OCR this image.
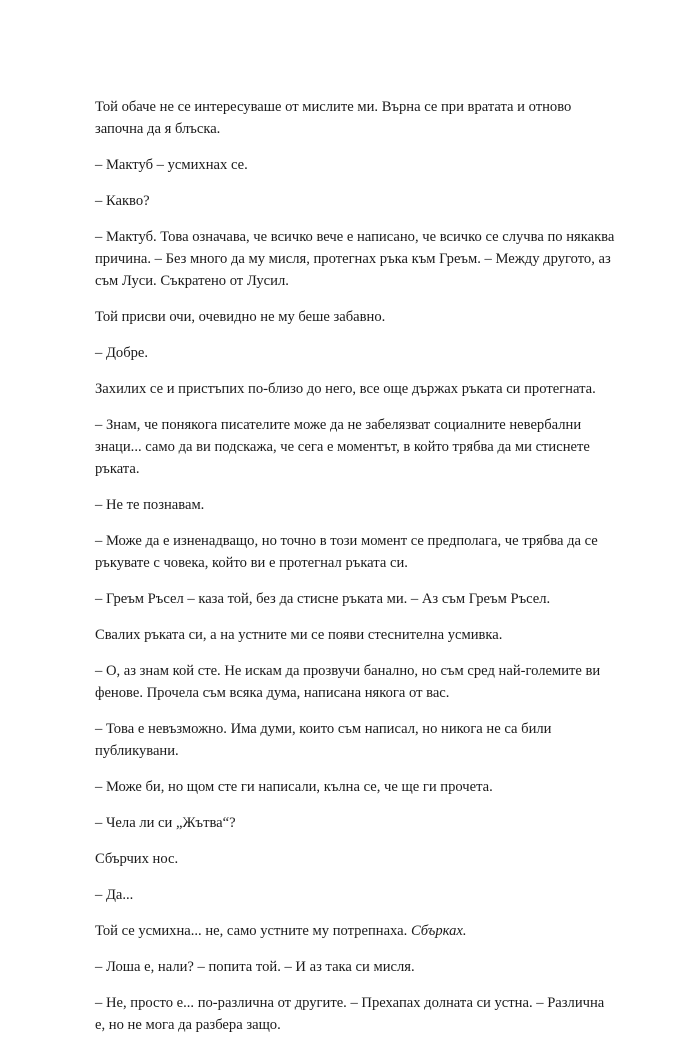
Той обаче не се интересуваше от мислите ми. Върна се при вратата и отново започна да я блъска.

– Мактуб – усмихнах се.

– Какво?

– Мактуб. Това означава, че всичко вече е написано, че всичко се случва по някаква причина. – Без много да му мисля, протегнах ръка към Греъм. – Между другото, аз съм Луси. Съкратено от Лусил.

Той присви очи, очевидно не му беше забавно.

– Добре.

Захилих се и пристъпих по-близо до него, все още държах ръката си протегната.

– Знам, че понякога писателите може да не забелязват социалните невербални знаци... само да ви подскажа, че сега е моментът, в който трябва да ми стиснете ръката.

– Не те познавам.

– Може да е изненадващо, но точно в този момент се предполага, че трябва да се ръкувате с човека, който ви е протегнал ръката си.

– Греъм Ръсел – каза той, без да стисне ръката ми. – Аз съм Греъм Ръсел.

Свалих ръката си, а на устните ми се появи стеснителна усмивка.

– О, аз знам кой сте. Не искам да прозвучи банално, но съм сред най-големите ви фенове. Прочела съм всяка дума, написана някога от вас.

– Това е невъзможно. Има думи, които съм написал, но никога не са били публикувани.

– Може би, но щом сте ги написали, кълна се, че ще ги прочета.

– Чела ли си „Жътва“?

Сбърчих нос.

– Да...

Той се усмихна... не, само устните му потрепнаха. Сбърках.

– Лоша е, нали? – попита той. – И аз така си мисля.

– Не, просто е... по-различна от другите. – Прехапах долната си устна. – Различна е, но не мога да разбера защо.
